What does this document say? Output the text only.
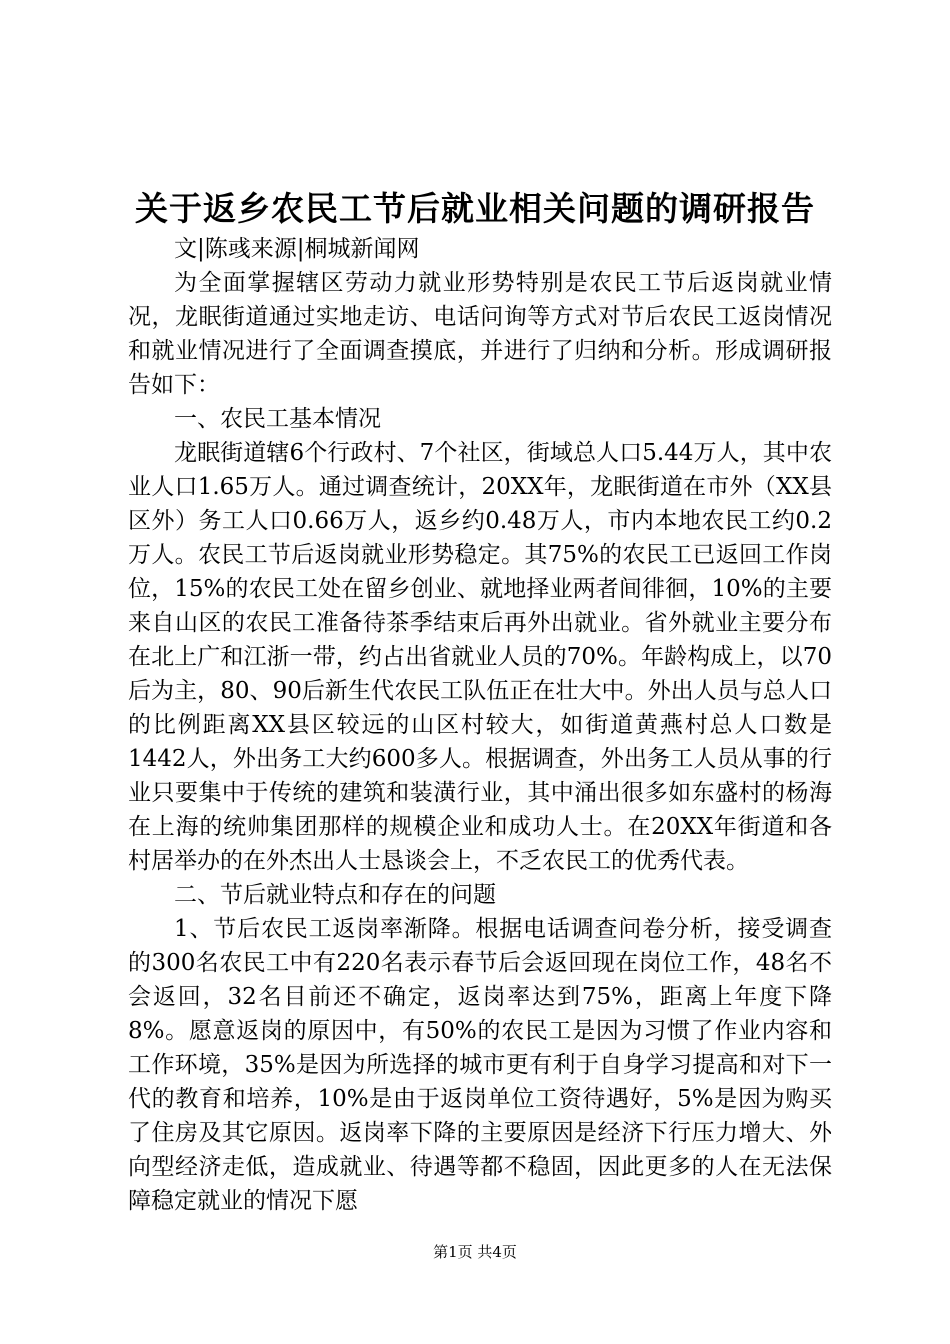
关于返乡农民工节后就业相关问题的调研报告

文|陈彧来源|桐城新闻网

为全面掌握辖区劳动力就业形势特别是农民工节后返岗就业情况，龙眠街道通过实地走访、电话问询等方式对节后农民工返岗情况和就业情况进行了全面调查摸底，并进行了归纳和分析。形成调研报告如下：

一、农民工基本情况

龙眠街道辖6个行政村、7个社区，街域总人口5.44万人，其中农业人口1.65万人。通过调查统计，20XX年，龙眠街道在市外（XX县区外）务工人口0.66万人，返乡约0.48万人，市内本地农民工约0.2万人。农民工节后返岗就业形势稳定。其75%的农民工已返回工作岗位，15%的农民工处在留乡创业、就地择业两者间徘徊，10%的主要来自山区的农民工准备待茶季结束后再外出就业。省外就业主要分布在北上广和江浙一带，约占出省就业人员的70%。年龄构成上，以70后为主，80、90后新生代农民工队伍正在壮大中。外出人员与总人口的比例距离XX县区较远的山区村较大，如街道黄燕村总人口数是1442人，外出务工大约600多人。根据调查，外出务工人员从事的行业只要集中于传统的建筑和装潢行业，其中涌出很多如东盛村的杨海在上海的统帅集团那样的规模企业和成功人士。在20XX年街道和各村居举办的在外杰出人士恳谈会上，不乏农民工的优秀代表。

二、节后就业特点和存在的问题

1、节后农民工返岗率渐降。根据电话调查问卷分析，接受调查的300名农民工中有220名表示春节后会返回现在岗位工作，48名不会返回，32名目前还不确定，返岗率达到75%，距离上年度下降8%。愿意返岗的原因中，有50%的农民工是因为习惯了作业内容和工作环境，35%是因为所选择的城市更有利于自身学习提高和对下一代的教育和培养，10%是由于返岗单位工资待遇好，5%是因为购买了住房及其它原因。返岗率下降的主要原因是经济下行压力增大、外向型经济走低，造成就业、待遇等都不稳固，因此更多的人在无法保障稳定就业的情况下愿

第1页 共4页
